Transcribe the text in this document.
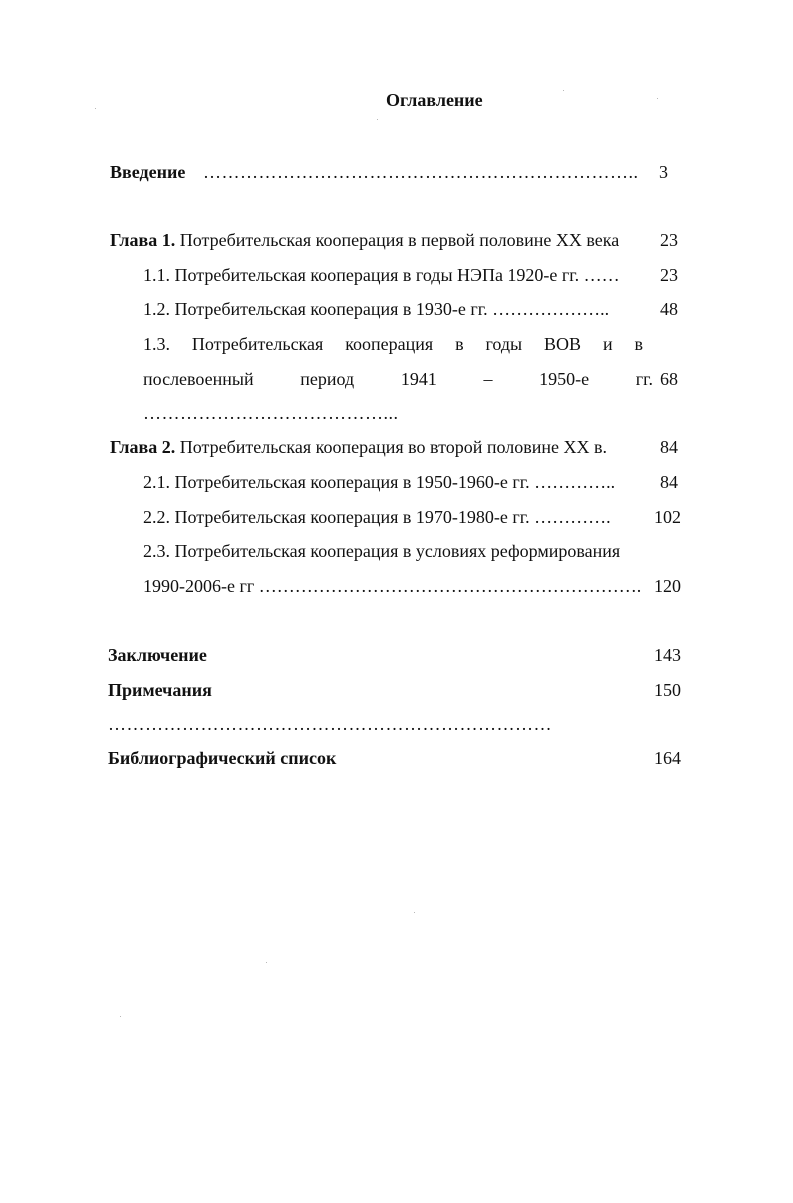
Оглавление
Введение ……………………………………………………………..	3
Глава 1. Потребительская кооперация в первой половине XX века 23
1.1. Потребительская кооперация в годы НЭПа 1920-е гг. …… 23
1.2. Потребительская кооперация в 1930-е гг. ………………..	48
1.3. Потребительская кооперация в годы ВОВ и в
послевоенный	период	1941	–	1950-е	гг. 68
…………………………………...
Глава 2. Потребительская кооперация во второй половине XX в.	84
2.1. Потребительская кооперация в 1950-1960-е гг. ………….. 84
2.2. Потребительская кооперация в 1970-1980-е гг. …………. 102
2.3. Потребительская кооперация в условиях реформирования
1990-2006-е гг ………………………………………………………. 120
Заключение	143
Примечания	150
………………………………………………………………
Библиографический список	164
